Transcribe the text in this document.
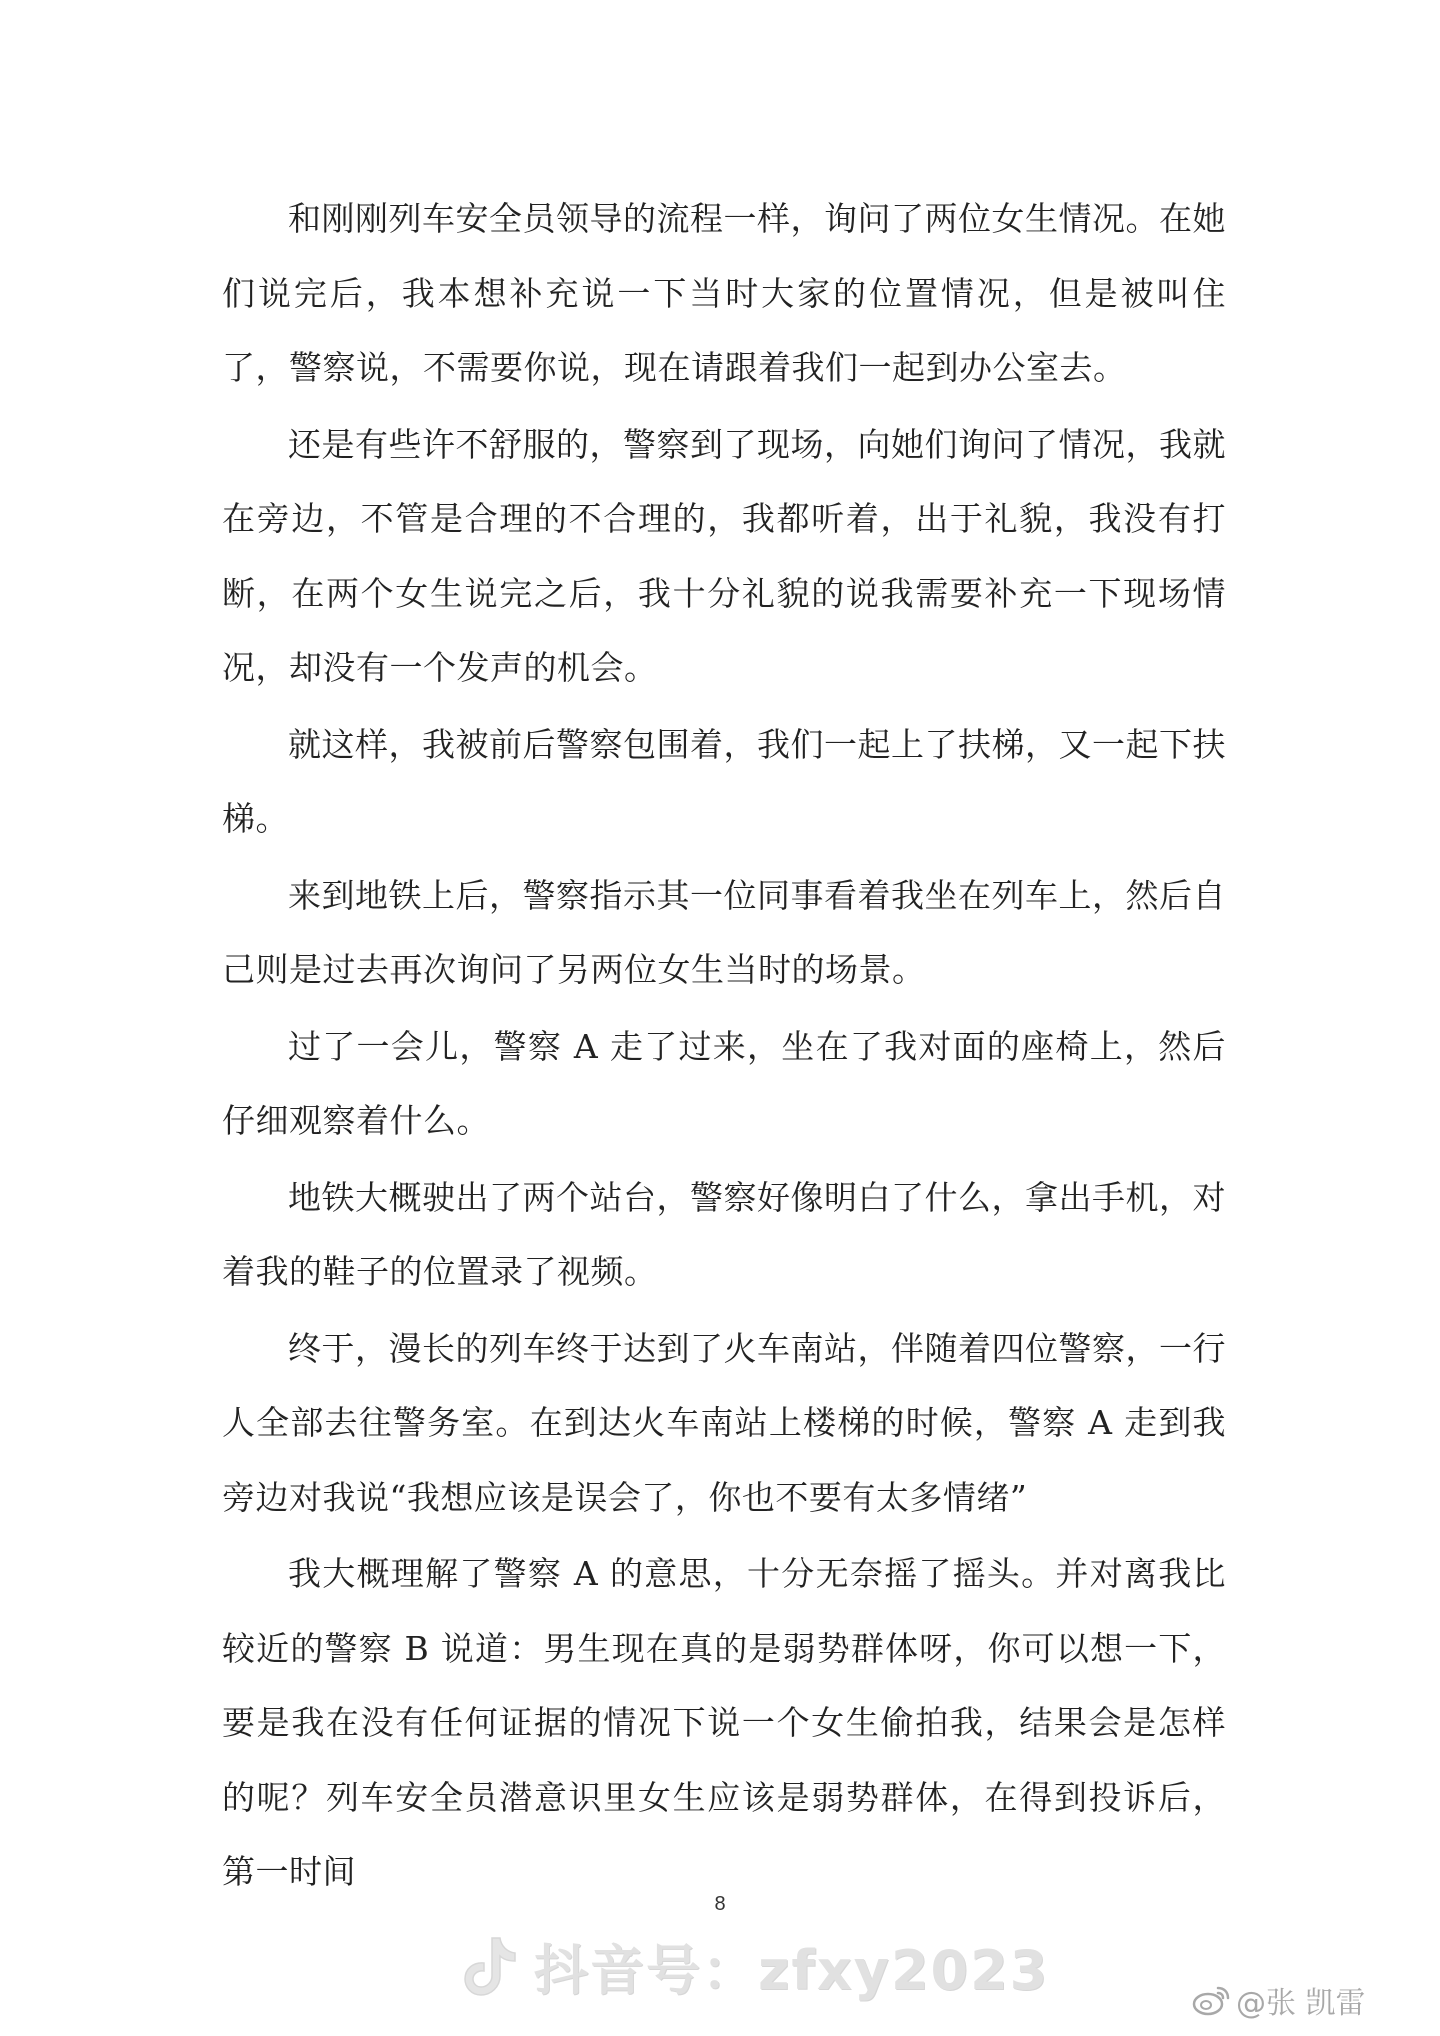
和刚刚列车安全员领导的流程一样，询问了两位女生情况。在她们说完后，我本想补充说一下当时大家的位置情况，但是被叫住了，警察说，不需要你说，现在请跟着我们一起到办公室去。

还是有些许不舒服的，警察到了现场，向她们询问了情况，我就在旁边，不管是合理的不合理的，我都听着，出于礼貌，我没有打断，在两个女生说完之后，我十分礼貌的说我需要补充一下现场情况，却没有一个发声的机会。

就这样，我被前后警察包围着，我们一起上了扶梯，又一起下扶梯。

来到地铁上后，警察指示其一位同事看着我坐在列车上，然后自己则是过去再次询问了另两位女生当时的场景。

过了一会儿，警察 A 走了过来，坐在了我对面的座椅上，然后仔细观察着什么。

地铁大概驶出了两个站台，警察好像明白了什么，拿出手机，对着我的鞋子的位置录了视频。

终于，漫长的列车终于达到了火车南站，伴随着四位警察，一行人全部去往警务室。在到达火车南站上楼梯的时候，警察 A 走到我旁边对我说“我想应该是误会了，你也不要有太多情绪”

我大概理解了警察 A 的意思，十分无奈摇了摇头。并对离我比较近的警察 B 说道：男生现在真的是弱势群体呀，你可以想一下，要是我在没有任何证据的情况下说一个女生偷拍我，结果会是怎样的呢？列车安全员潜意识里女生应该是弱势群体，在得到投诉后，第一时间

8
抖音号：zfxy2023
@张 凯雷
